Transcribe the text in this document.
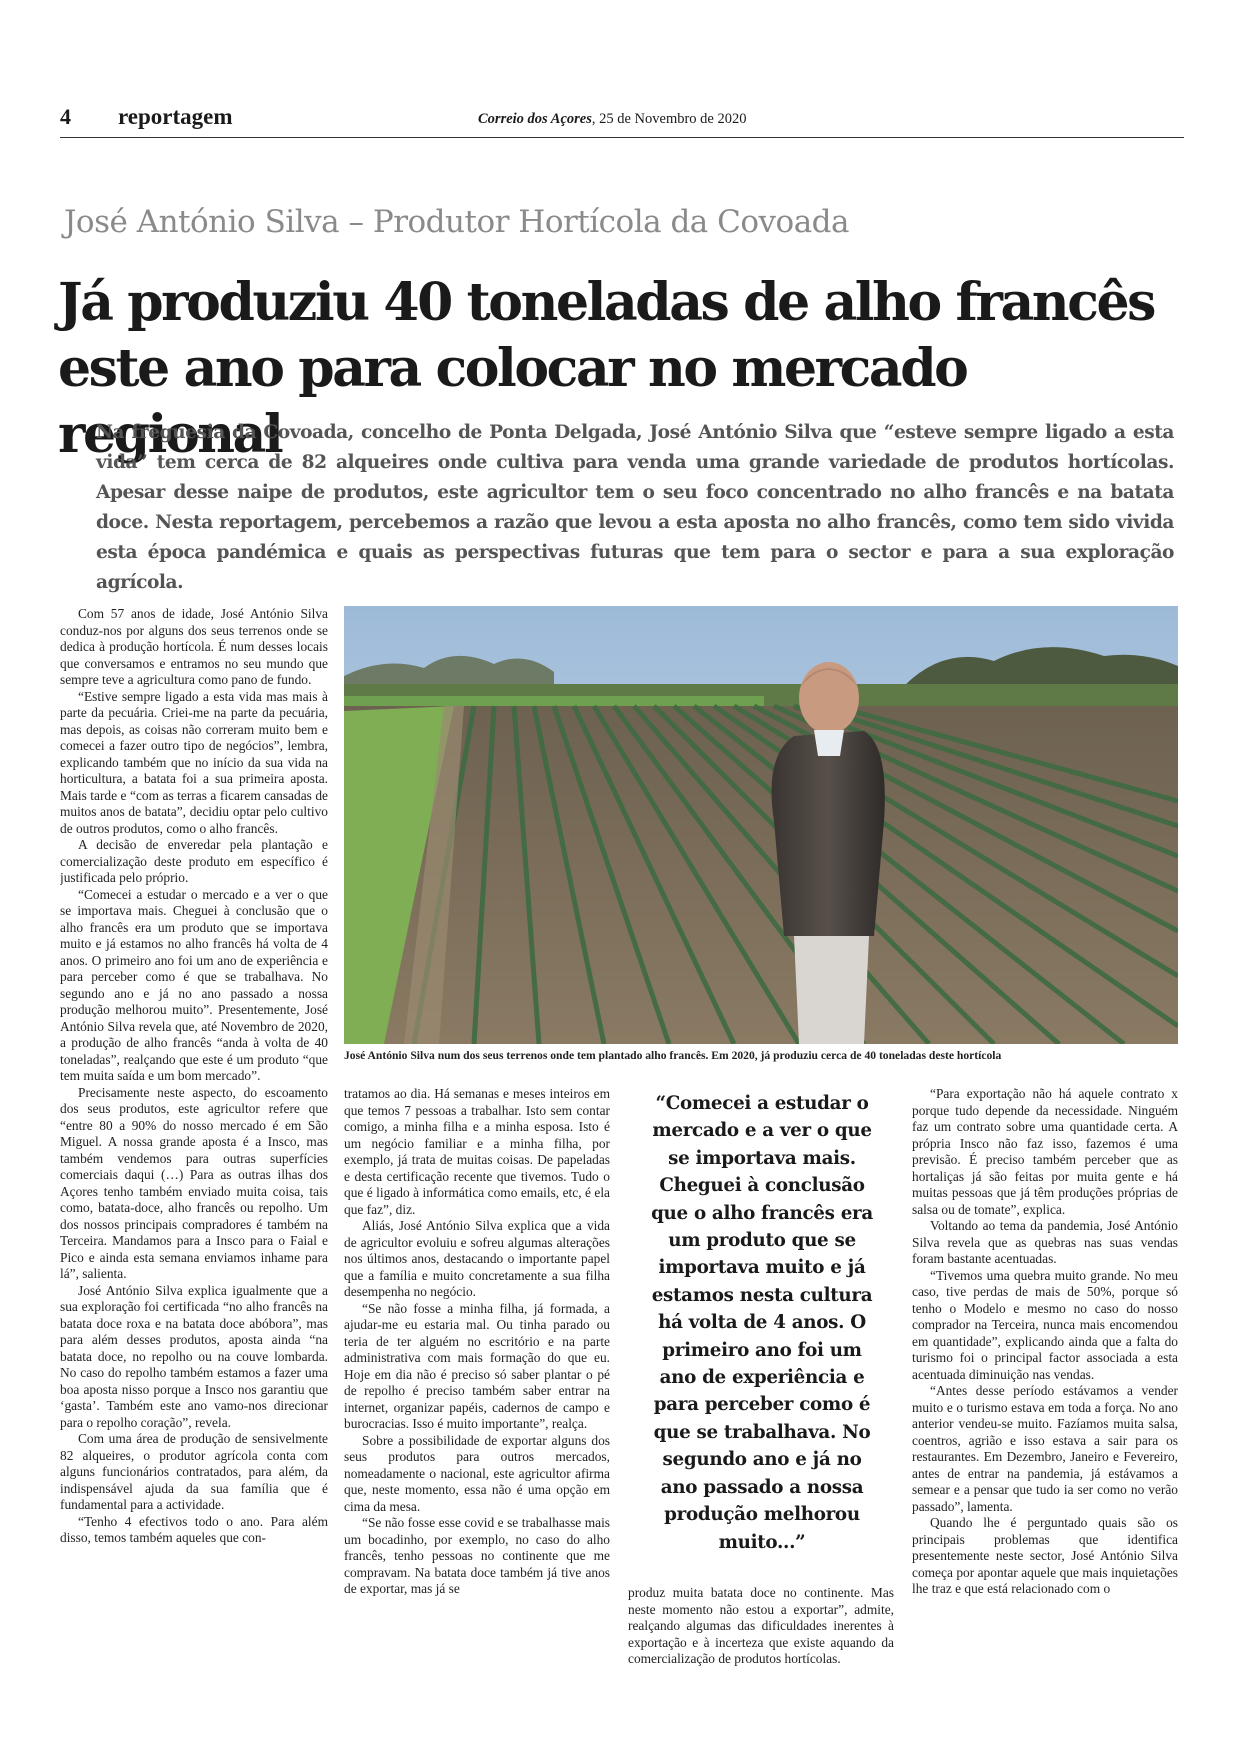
4 reportagem	Correio dos Açores, 25 de Novembro de 2020
José António Silva – Produtor Hortícola da Covoada
Já produziu 40 toneladas de alho francês
este ano para colocar no mercado regional
Na freguesia da Covoada, concelho de Ponta Delgada, José António Silva que “esteve sempre ligado a esta vida” tem cerca de 82 alqueires onde cultiva para venda uma grande variedade de produtos hortícolas. Apesar desse naipe de produtos, este agricultor tem o seu foco concentrado no alho francês e na batata doce. Nesta reportagem, percebemos a razão que levou a esta aposta no alho francês, como tem sido vivida esta época pandémica e quais as perspectivas futuras que tem para o sector e para a sua exploração agrícola.

Com 57 anos de idade, José António Silva conduz-nos por alguns dos seus terrenos onde se dedica à produção hortícola. É num desses locais que conversamos e entramos no seu mundo que sempre teve a agricultura como pano de fundo.

“Estive sempre ligado a esta vida mas mais à parte da pecuária. Criei-me na parte da pecuária, mas depois, as coisas não correram muito bem e comecei a fazer outro tipo de negócios”, lembra, explicando também que no início da sua vida na horticultura, a batata foi a sua primeira aposta. Mais tarde e “com as terras a ficarem cansadas de muitos anos de batata”, decidiu optar pelo cultivo de outros produtos, como o alho francês.

A decisão de enveredar pela plantação e comercialização deste produto em específico é justificada pelo próprio.

“Comecei a estudar o mercado e a ver o que se importava mais. Cheguei à conclusão que o alho francês era um produto que se importava muito e já estamos no alho francês há volta de 4 anos. O primeiro ano foi um ano de experiência e para perceber como é que se trabalhava. No segundo ano e já no ano passado a nossa produção melhorou muito”. Presentemente, José António Silva revela que, até Novembro de 2020, a produção de alho francês “anda à volta de 40 toneladas”, realçando que este é um produto “que tem muita saída e um bom mercado”.

Precisamente neste aspecto, do escoamento dos seus produtos, este agricultor refere que “entre 80 a 90% do nosso mercado é em São Miguel. A nossa grande aposta é a Insco, mas também vendemos para outras superfícies comerciais daqui (…) Para as outras ilhas dos Açores tenho também enviado muita coisa, tais como, batata-doce, alho francês ou repolho. Um dos nossos principais compradores é também na Terceira. Mandamos para a Insco para o Faial e Pico e ainda esta semana enviamos inhame para lá”, salienta.

José António Silva explica igualmente que a sua exploração foi certificada “no alho francês na batata doce roxa e na batata doce abóbora”, mas para além desses produtos, aposta ainda “na batata doce, no repolho ou na couve lombarda. No caso do repolho também estamos a fazer uma boa aposta nisso porque a Insco nos garantiu que ‘gasta’. Também este ano vamo-nos direcionar para o repolho coração”, revela.

Com uma área de produção de sensivelmente 82 alqueires, o produtor agrícola conta com alguns funcionários contratados, para além, da indispensável ajuda da sua família que é fundamental para a actividade.

“Tenho 4 efectivos todo o ano. Para além disso, temos também aqueles que con-

José António Silva num dos seus terrenos onde tem plantado alho francês. Em 2020, já produziu cerca de 40 toneladas deste hortícola

tratamos ao dia. Há semanas e meses inteiros em que temos 7 pessoas a trabalhar. Isto sem contar comigo, a minha filha e a minha esposa. Isto é um negócio familiar e a minha filha, por exemplo, já trata de muitas coisas. De papeladas e desta certificação recente que tivemos. Tudo o que é ligado à informática como emails, etc, é ela que faz”, diz.

Aliás, José António Silva explica que a vida de agricultor evoluiu e sofreu algumas alterações nos últimos anos, destacando o importante papel que a família e muito concretamente a sua filha desempenha no negócio.

“Se não fosse a minha filha, já formada, a ajudar-me eu estaria mal. Ou tinha parado ou teria de ter alguém no escritório e na parte administrativa com mais formação do que eu. Hoje em dia não é preciso só saber plantar o pé de repolho é preciso também saber entrar na internet, organizar papéis, cadernos de campo e burocracias. Isso é muito importante”, realça.

Sobre a possibilidade de exportar alguns dos seus produtos para outros mercados, nomeadamente o nacional, este agricultor afirma que, neste momento, essa não é uma opção em cima da mesa.

“Se não fosse esse covid e se trabalhasse mais um bocadinho, por exemplo, no caso do alho francês, tenho pessoas no continente que me compravam. Na batata doce também já tive anos de exportar, mas já se

“Comecei a estudar o mercado e a ver o que se importava mais. Cheguei à conclusão que o alho francês era um produto que se importava muito e já estamos nesta cultura há volta de 4 anos. O primeiro ano foi um ano de experiência e para perceber como é que se trabalhava. No segundo ano e já no ano passado a nossa produção melhorou muito...”

produz muita batata doce no continente. Mas neste momento não estou a exportar”, admite, realçando algumas das dificuldades inerentes à exportação e à incerteza que existe aquando da comercialização de produtos hortícolas.

“Para exportação não há aquele contrato x porque tudo depende da necessidade. Ninguém faz um contrato sobre uma quantidade certa. A própria Insco não faz isso, fazemos é uma previsão. É preciso também perceber que as hortaliças já são feitas por muita gente e há muitas pessoas que já têm produções próprias de salsa ou de tomate”, explica.

Voltando ao tema da pandemia, José António Silva revela que as quebras nas suas vendas foram bastante acentuadas.

“Tivemos uma quebra muito grande. No meu caso, tive perdas de mais de 50%, porque só tenho o Modelo e mesmo no caso do nosso comprador na Terceira, nunca mais encomendou em quantidade”, explicando ainda que a falta do turismo foi o principal factor associada a esta acentuada diminuição nas vendas.

“Antes desse período estávamos a vender muito e o turismo estava em toda a força. No ano anterior vendeu-se muito. Fazíamos muita salsa, coentros, agrião e isso estava a sair para os restaurantes. Em Dezembro, Janeiro e Fevereiro, antes de entrar na pandemia, já estávamos a semear e a pensar que tudo ia ser como no verão passado”, lamenta.

Quando lhe é perguntado quais são os principais problemas que identifica presentemente neste sector, José António Silva começa por apontar aquele que mais inquietações lhe traz e que está relacionado com o
